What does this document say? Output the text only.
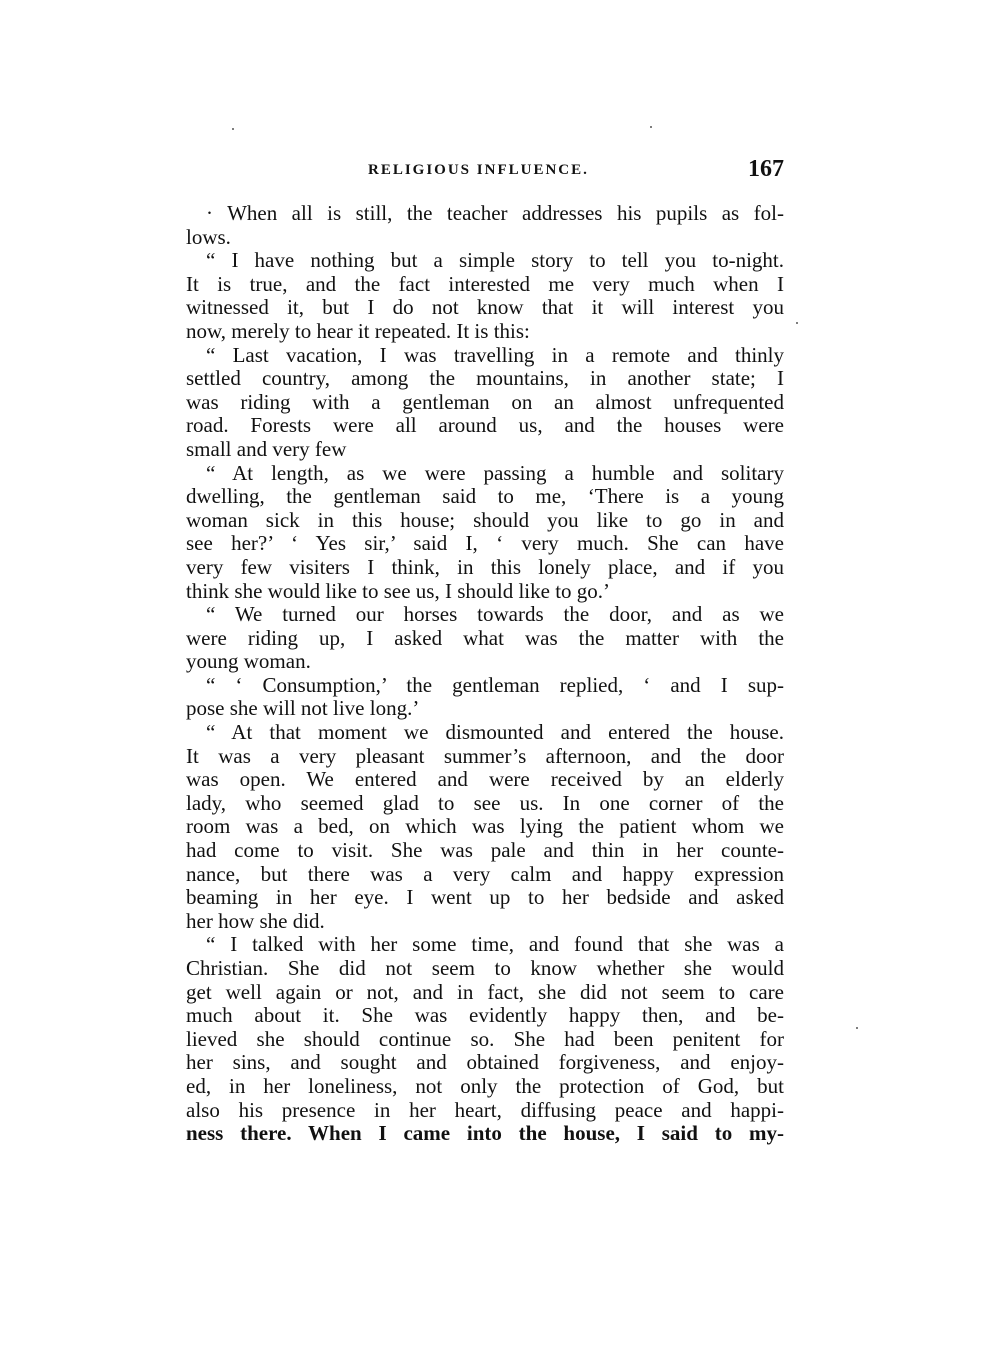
RELIGIOUS INFLUENCE.	167
· When all is still, the teacher addresses his pupils as fol-
lows.
“ I have nothing but a simple story to tell you to-night.
It is true, and the fact interested me very much when I
witnessed it, but I do not know that it will interest you
now, merely to hear it repeated. It is this:
“ Last vacation, I was travelling in a remote and thinly
settled country, among the mountains, in another state; I
was riding with a gentleman on an almost unfrequented
road. Forests were all around us, and the houses were
small and very few
“ At length, as we were passing a humble and solitary
dwelling, the gentleman said to me, ‘There is a young
woman sick in this house; should you like to go in and
see her?’ ‘ Yes sir,’ said I, ‘ very much. She can have
very few visiters I think, in this lonely place, and if you
think she would like to see us, I should like to go.’
“ We turned our horses towards the door, and as we
were riding up, I asked what was the matter with the
young woman.
“ ‘ Consumption,’ the gentleman replied, ‘ and I sup-
pose she will not live long.’
“ At that moment we dismounted and entered the house.
It was a very pleasant summer’s afternoon, and the door
was open. We entered and were received by an elderly
lady, who seemed glad to see us. In one corner of the
room was a bed, on which was lying the patient whom we
had come to visit. She was pale and thin in her counte-
nance, but there was a very calm and happy expression
beaming in her eye. I went up to her bedside and asked
her how she did.
“ I talked with her some time, and found that she was a
Christian. She did not seem to know whether she would
get well again or not, and in fact, she did not seem to care
much about it. She was evidently happy then, and be-
lieved she should continue so. She had been penitent for
her sins, and sought and obtained forgiveness, and enjoy-
ed, in her loneliness, not only the protection of God, but
also his presence in her heart, diffusing peace and happi-
ness there. When I came into the house, I said to my-
